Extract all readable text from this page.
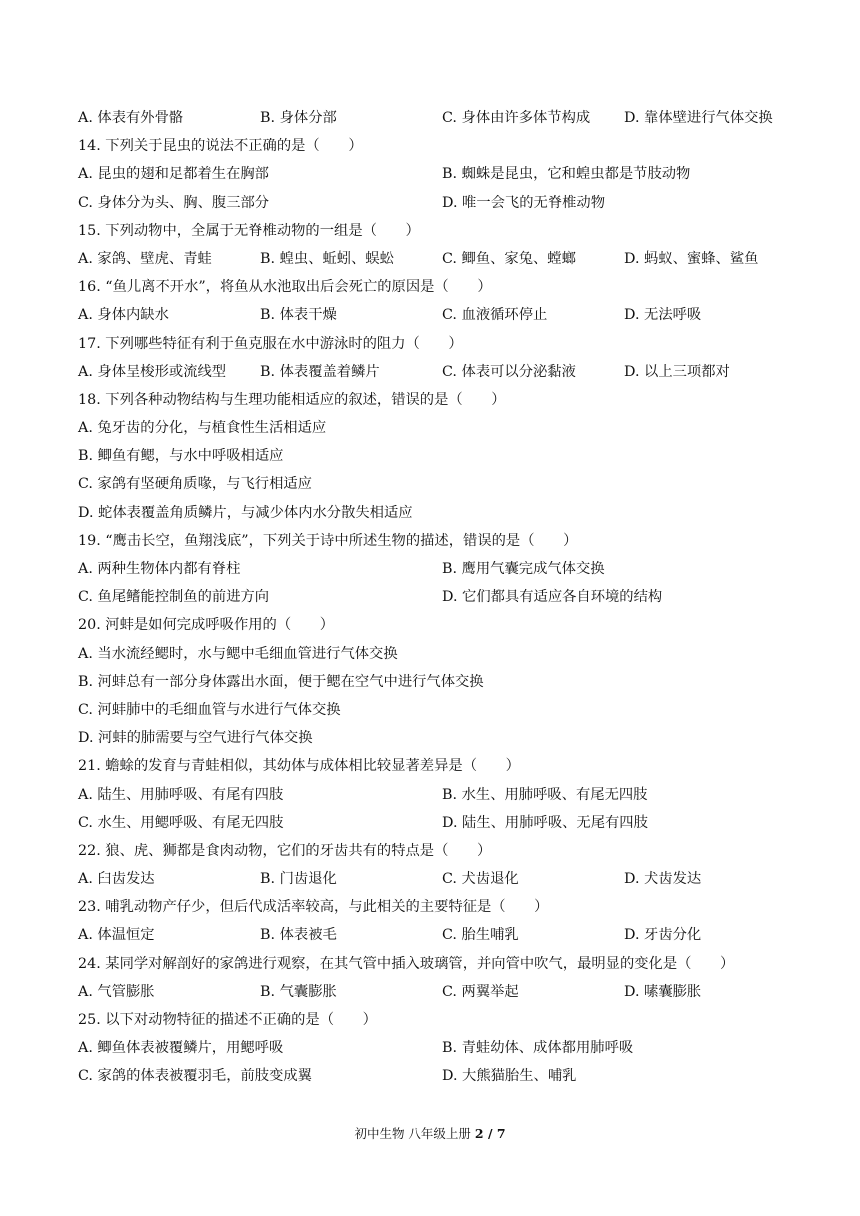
A. 体表有外骨骼	B. 身体分部	C. 身体由许多体节构成	D. 靠体壁进行气体交换
14. 下列关于昆虫的说法不正确的是（　　）
A. 昆虫的翅和足都着生在胸部	B. 蜘蛛是昆虫，它和蝗虫都是节肢动物
C. 身体分为头、胸、腹三部分	D. 唯一会飞的无脊椎动物
15. 下列动物中，全属于无脊椎动物的一组是（　　）
A. 家鸽、壁虎、青蛙	B. 蝗虫、蚯蚓、蜈蚣	C. 鲫鱼、家兔、螳螂	D. 蚂蚁、蜜蜂、鲨鱼
16. “鱼儿离不开水”，将鱼从水池取出后会死亡的原因是（　　）
A. 身体内缺水	B. 体表干燥	C. 血液循环停止	D. 无法呼吸
17. 下列哪些特征有利于鱼克服在水中游泳时的阻力（　　）
A. 身体呈梭形或流线型	B. 体表覆盖着鳞片	C. 体表可以分泌黏液	D. 以上三项都对
18. 下列各种动物结构与生理功能相适应的叙述，错误的是（　　）
A. 兔牙齿的分化，与植食性生活相适应
B. 鲫鱼有鳃，与水中呼吸相适应
C. 家鸽有坚硬角质喙，与飞行相适应
D. 蛇体表覆盖角质鳞片，与减少体内水分散失相适应
19. “鹰击长空，鱼翔浅底”，下列关于诗中所述生物的描述，错误的是（　　）
A. 两种生物体内都有脊柱	B. 鹰用气囊完成气体交换
C. 鱼尾鳍能控制鱼的前进方向	D. 它们都具有适应各自环境的结构
20. 河蚌是如何完成呼吸作用的（　　）
A. 当水流经鳃时，水与鳃中毛细血管进行气体交换
B. 河蚌总有一部分身体露出水面，便于鳃在空气中进行气体交换
C. 河蚌肺中的毛细血管与水进行气体交换
D. 河蚌的肺需要与空气进行气体交换
21. 蟾蜍的发育与青蛙相似，其幼体与成体相比较显著差异是（　　）
A. 陆生、用肺呼吸、有尾有四肢	B. 水生、用肺呼吸、有尾无四肢
C. 水生、用鳃呼吸、有尾无四肢	D. 陆生、用肺呼吸、无尾有四肢
22. 狼、虎、狮都是食肉动物，它们的牙齿共有的特点是（　　）
A. 臼齿发达	B. 门齿退化	C. 犬齿退化	D. 犬齿发达
23. 哺乳动物产仔少，但后代成活率较高，与此相关的主要特征是（　　）
A. 体温恒定	B. 体表被毛	C. 胎生哺乳	D. 牙齿分化
24. 某同学对解剖好的家鸽进行观察，在其气管中插入玻璃管，并向管中吹气，最明显的变化是（　　）
A. 气管膨胀	B. 气囊膨胀	C. 两翼举起	D. 嗉囊膨胀
25. 以下对动物特征的描述不正确的是（　　）
A. 鲫鱼体表被覆鳞片，用鳃呼吸	B. 青蛙幼体、成体都用肺呼吸
C. 家鸽的体表被覆羽毛，前肢变成翼	D. 大熊猫胎生、哺乳
初中生物 八年级上册 2 / 7
